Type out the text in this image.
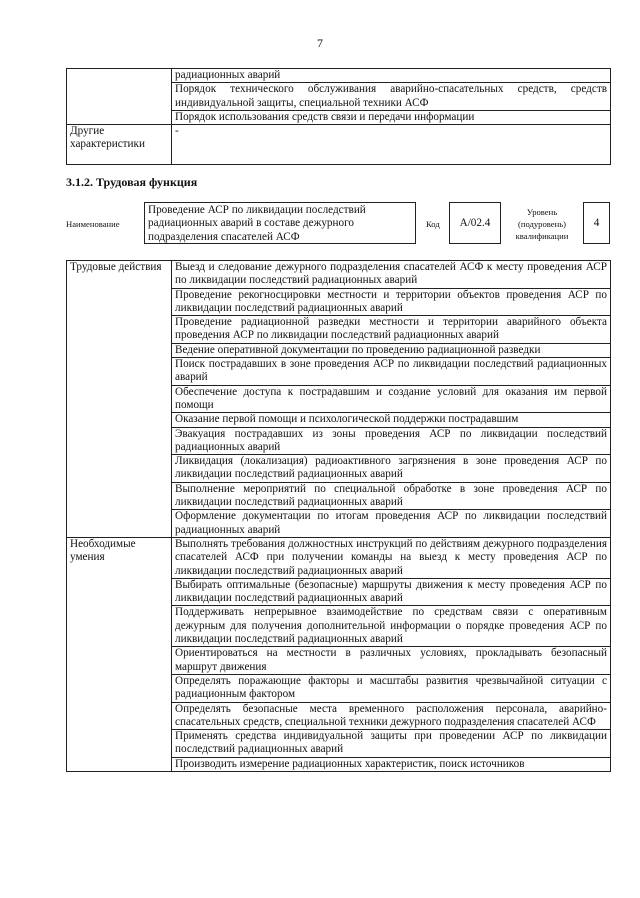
7
	радиационных аварий
	Порядок технического обслуживания аварийно-спасательных средств, средств индивидуальной защиты, специальной техники АСФ
	Порядок использования средств связи и передачи информации
Другие характеристики	-
3.1.2. Трудовая функция
Наименование
Проведение АСР по ликвидации последствий радиационных аварий в составе дежурного подразделения спасателей АСФ
Код	А/02.4
Уровень (подуровень) квалификации
4
Трудовые действия	Выезд и следование дежурного подразделения спасателей АСФ к месту проведения АСР по ликвидации последствий радиационных аварий
	Проведение рекогносцировки местности и территории объектов проведения АСР по ликвидации последствий радиационных аварий
	Проведение радиационной разведки местности и территории аварийного объекта проведения АСР по ликвидации последствий радиационных аварий
	Ведение оперативной документации по проведению радиационной разведки
	Поиск пострадавших в зоне проведения АСР по ликвидации последствий радиационных аварий
	Обеспечение доступа к пострадавшим и создание условий для оказания им первой помощи
	Оказание первой помощи и психологической поддержки пострадавшим
	Эвакуация пострадавших из зоны проведения АСР по ликвидации последствий радиационных аварий
	Ликвидация (локализация) радиоактивного загрязнения в зоне проведения АСР по ликвидации последствий радиационных аварий
	Выполнение мероприятий по специальной обработке в зоне проведения АСР по ликвидации последствий радиационных аварий
	Оформление документации по итогам проведения АСР по ликвидации последствий радиационных аварий
Необходимые умения	Выполнять требования должностных инструкций по действиям дежурного подразделения спасателей АСФ при получении команды на выезд к месту проведения АСР по ликвидации последствий радиационных аварий
	Выбирать оптимальные (безопасные) маршруты движения к месту проведения АСР по ликвидации последствий радиационных аварий
	Поддерживать непрерывное взаимодействие по средствам связи с оперативным дежурным для получения дополнительной информации о порядке проведения АСР по ликвидации последствий радиационных аварий
	Ориентироваться на местности в различных условиях, прокладывать безопасный маршрут движения
	Определять поражающие факторы и масштабы развития чрезвычайной ситуации с радиационным фактором
	Определять безопасные места временного расположения персонала, аварийно-спасательных средств, специальной техники дежурного подразделения спасателей АСФ
	Применять средства индивидуальной защиты при проведении АСР по ликвидации последствий радиационных аварий
	Производить измерение радиационных характеристик, поиск источников
